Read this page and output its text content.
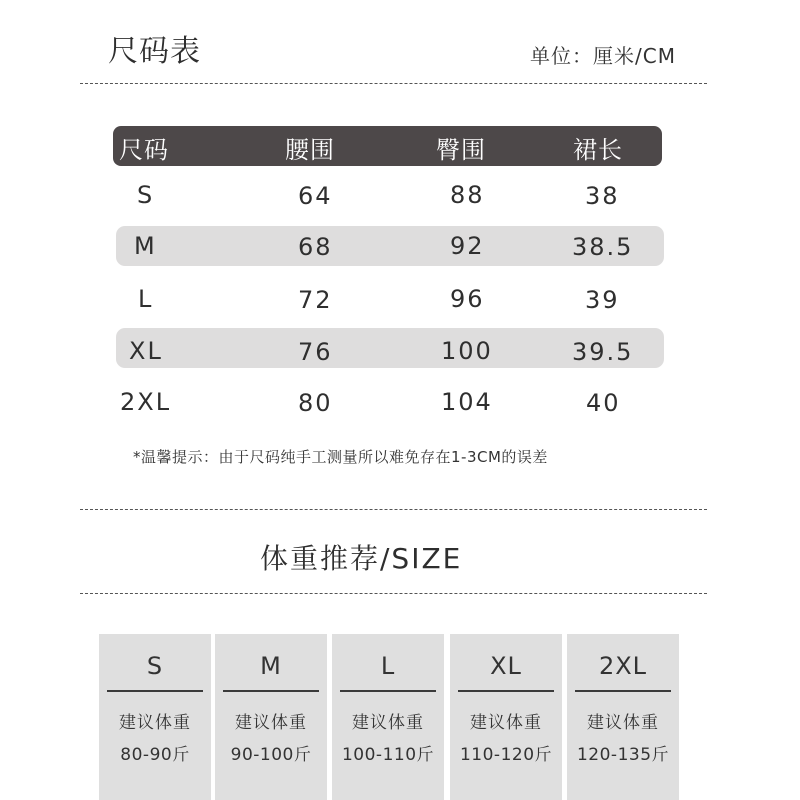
尺码表	单位：厘米/CM
尺码	腰围	臀围	裙长
S	64	88	38
M	68	92	38.5
L	72	96	39
XL	76	100	39.5
2XL	80	104	40
*温馨提示：由于尺码纯手工测量所以难免存在1-3CM的误差
体重推荐/SIZE
S
建议体重
80-90斤
M
建议体重
90-100斤
L
建议体重
100-110斤
XL
建议体重
110-120斤
2XL
建议体重
120-135斤
